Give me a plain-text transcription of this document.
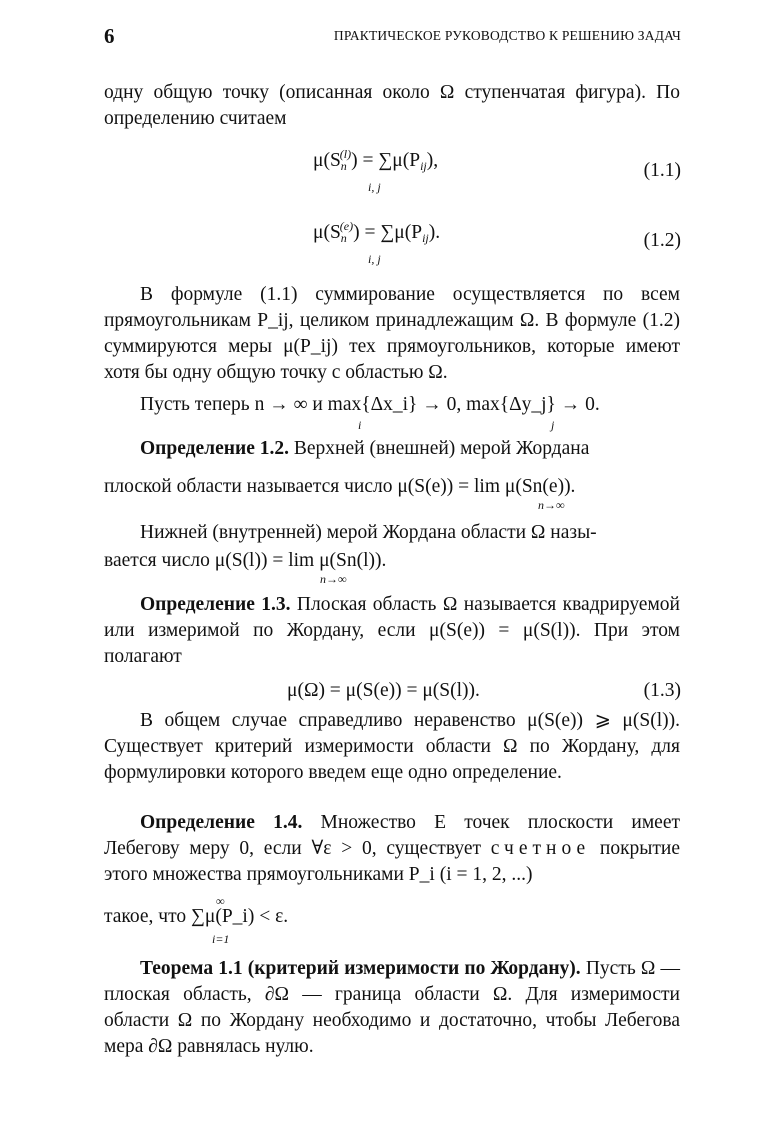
6	ПРАКТИЧЕСКОЕ РУКОВОДСТВО К РЕШЕНИЮ ЗАДАЧ

одну общую точку (описанная около Ω ступенчатая фигура). По определению считаем

$\mu(S_n^{(l)}) = \sum\mu(P_{ij})$,
i, j
(1.1)
$\mu(S_n^{(e)}) = \sum\mu(P_{ij})$.
i, j
(1.2)

В формуле (1.1) суммирование осуществляется по всем прямоугольникам P_ij, целиком принадлежащим Ω. В формуле (1.2) суммируются меры μ(P_ij) тех прямоугольников, которые имеют хотя бы одну общую точку с областью Ω.

Пусть теперь n → ∞ и max{Δx_i} → 0, max{Δy_j} → 0.
i	j

Определение 1.2. Верхней (внешней) мерой Жордана

плоской области называется число μ(S(e)) = lim μ(Sn(e)).
n→∞

Нижней (внутренней) мерой Жордана области Ω назы-

вается число μ(S(l)) = lim μ(Sn(l)).
n→∞

Определение 1.3. Плоская область Ω называется квадрируемой или измеримой по Жордану, если μ(S(e)) = μ(S(l)). При этом полагают

μ(Ω) = μ(S(e)) = μ(S(l)).	(1.3)

В общем случае справедливо неравенство μ(S(e)) ⩾ μ(S(l)). Существует критерий измеримости области Ω по Жордану, для формулировки которого введем еще одно определение.

Определение 1.4. Множество E точек плоскости имеет Лебегову меру 0, если ∀ε > 0, существует счетное покрытие этого множества прямоугольниками P_i (i = 1, 2, ...)

такое, что ∑μ(P_i) < ε.
∞
i=1

Теорема 1.1 (критерий измеримости по Жордану). Пусть Ω — плоская область, ∂Ω — граница области Ω. Для измеримости области Ω по Жордану необходимо и достаточно, чтобы Лебегова мера ∂Ω равнялась нулю.
